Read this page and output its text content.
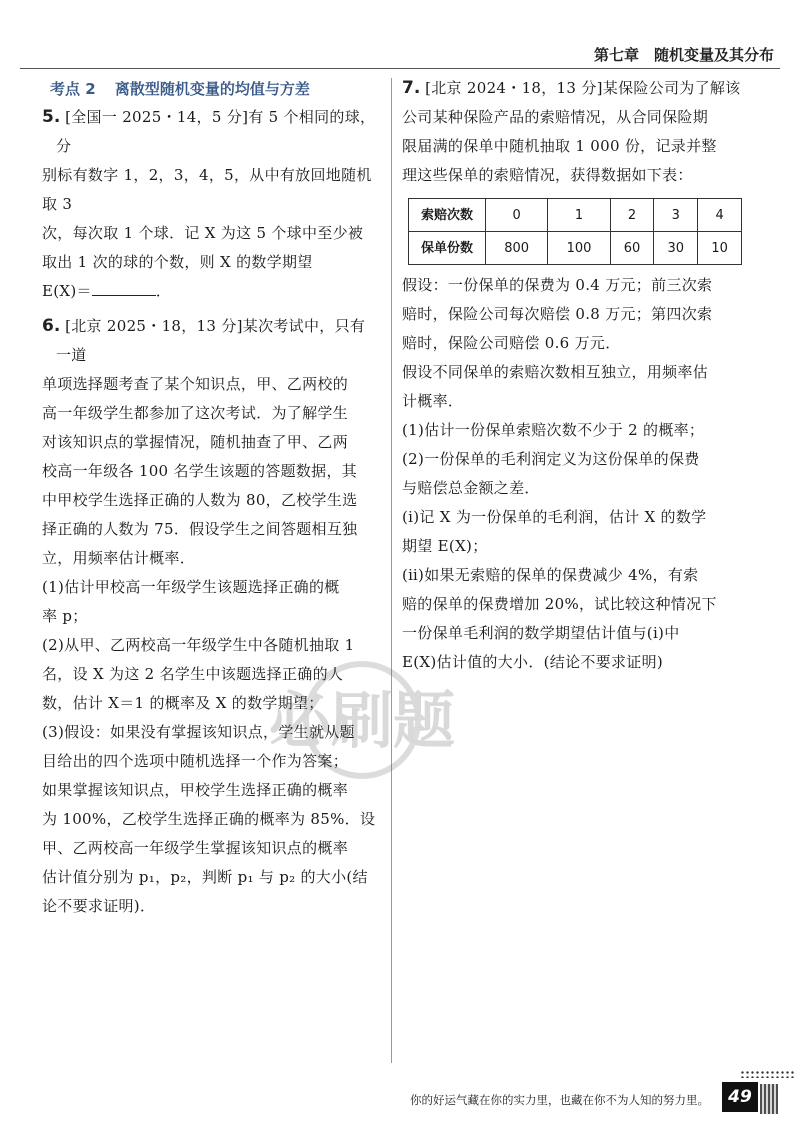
第七章　随机变量及其分布
考点 2 离散型随机变量的均值与方差
5. [全国一 2025・14，5 分]有 5 个相同的球，分
别标有数字 1，2，3，4，5，从中有放回地随机取 3
次，每次取 1 个球．记 X 为这 5 个球中至少被
取出 1 次的球的个数，则 X 的数学期望
E(X)＝	．
6. [北京 2025・18，13 分]某次考试中，只有一道
单项选择题考查了某个知识点，甲、乙两校的
高一年级学生都参加了这次考试．为了解学生
对该知识点的掌握情况，随机抽查了甲、乙两
校高一年级各 100 名学生该题的答题数据，其
中甲校学生选择正确的人数为 80，乙校学生选
择正确的人数为 75．假设学生之间答题相互独
立，用频率估计概率．
(1)估计甲校高一年级学生该题选择正确的概
率 p；
(2)从甲、乙两校高一年级学生中各随机抽取 1
名，设 X 为这 2 名学生中该题选择正确的人
数，估计 X＝1 的概率及 X 的数学期望；
(3)假设：如果没有掌握该知识点，学生就从题
目给出的四个选项中随机选择一个作为答案；
如果掌握该知识点，甲校学生选择正确的概率
为 100%，乙校学生选择正确的概率为 85%．设
甲、乙两校高一年级学生掌握该知识点的概率
估计值分别为 p₁，p₂，判断 p₁ 与 p₂ 的大小(结
论不要求证明)．
7. [北京 2024・18，13 分]某保险公司为了解该
公司某种保险产品的索赔情况，从合同保险期
限届满的保单中随机抽取 1 000 份，记录并整
理这些保单的索赔情况，获得数据如下表：
索赔次数	0	1	2	3	4
保单份数	800	100	60	30	10
假设：一份保单的保费为 0.4 万元；前三次索
赔时，保险公司每次赔偿 0.8 万元；第四次索
赔时，保险公司赔偿 0.6 万元．
假设不同保单的索赔次数相互独立，用频率估
计概率．
(1)估计一份保单索赔次数不少于 2 的概率；
(2)一份保单的毛利润定义为这份保单的保费
与赔偿总金额之差．
(ⅰ)记 X 为一份保单的毛利润，估计 X 的数学
期望 E(X)；
(ⅱ)如果无索赔的保单的保费减少 4%，有索
赔的保单的保费增加 20%，试比较这种情况下
一份保单毛利润的数学期望估计值与(ⅰ)中
E(X)估计值的大小．(结论不要求证明)
必刷题
你的好运气藏在你的实力里，也藏在你不为人知的努力里。	49
